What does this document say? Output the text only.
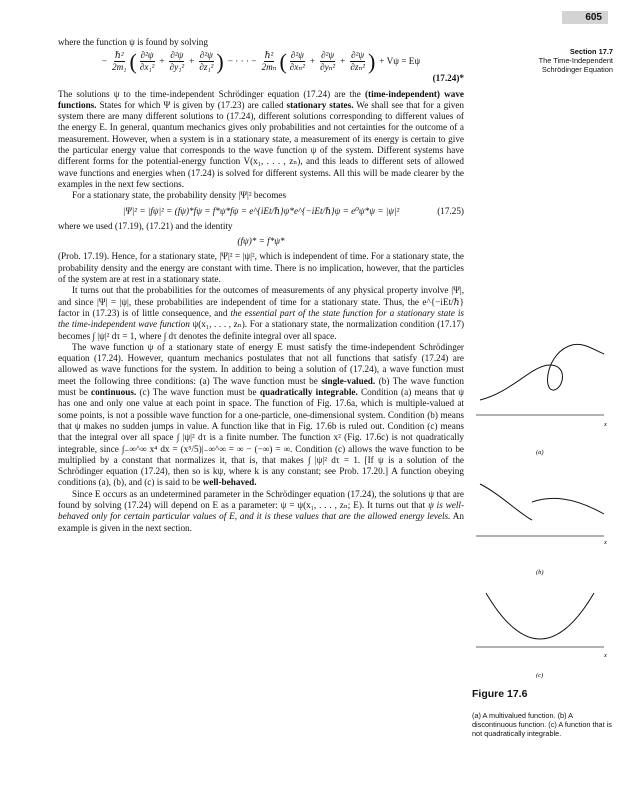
605
Section 17.7
The Time-Independent
Schrödinger Equation

where the function ψ is found by solving

− $\frac{\text{ℏ²}}{\text{2m₁}}$ ( $\frac{\text{∂²ψ}}{\text{∂x₁²}} + \frac{\text{∂²ψ}}{\text{∂y₁²}} + \frac{\text{∂²ψ}}{\text{∂z₁²}}$ ) − · · · − $\frac{\text{ℏ²}}{\text{2mₙ}}$ ( $\frac{\text{∂²ψ}}{\text{∂xₙ²}} + \frac{\text{∂²ψ}}{\text{∂yₙ²}} + \frac{\text{∂²ψ}}{\text{∂zₙ²}}$ ) + Vψ = Eψ
(17.24)*

The solutions ψ to the time-independent Schrödinger equation (17.24) are the (time-independent) wave functions. States for which Ψ is given by (17.23) are called stationary states. We shall see that for a given system there are many different solutions to (17.24), different solutions corresponding to different values of the energy E. In general, quantum mechanics gives only probabilities and not certainties for the outcome of a measurement. However, when a system is in a stationary state, a measurement of its energy is certain to give the particular energy value that corresponds to the wave function ψ of the system. Different systems have different forms for the potential-energy function V(x₁, . . . , zₙ), and this leads to different sets of allowed wave functions and energies when (17.24) is solved for different systems. All this will be made clearer by the examples in the next few sections.

For a stationary state, the probability density |Ψ|² becomes

|Ψ|² = |fψ|² = (fψ)*fψ = f*ψ*fψ = e^{iEt/ℏ}ψ*e^{−iEt/ℏ}ψ = e⁰ψ*ψ = |ψ|²	(17.25)

where we used (17.19), (17.21) and the identity

(fψ)* = f*ψ*

(Prob. 17.19). Hence, for a stationary state, |Ψ|² = |ψ|², which is independent of time. For a stationary state, the probability density and the energy are constant with time. There is no implication, however, that the particles of the system are at rest in a stationary state.

It turns out that the probabilities for the outcomes of measurements of any physical property involve |Ψ|, and since |Ψ| = |ψ|, these probabilities are independent of time for a stationary state. Thus, the e^{−iEt/ℏ} factor in (17.23) is of little consequence, and the essential part of the state function for a stationary state is the time-independent wave function ψ(x₁, . . . , zₙ). For a stationary state, the normalization condition (17.17) becomes ∫ |ψ|² dτ = 1, where ∫ dτ denotes the definite integral over all space.

The wave function ψ of a stationary state of energy E must satisfy the time-independent Schrödinger equation (17.24). However, quantum mechanics postulates that not all functions that satisfy (17.24) are allowed as wave functions for the system. In addition to being a solution of (17.24), a wave function must meet the following three conditions: (a) The wave function must be single-valued. (b) The wave function must be continuous. (c) The wave function must be quadratically integrable. Condition (a) means that ψ has one and only one value at each point in space. The function of Fig. 17.6a, which is multiple-valued at some points, is not a possible wave function for a one-particle, one-dimensional system. Condition (b) means that ψ makes no sudden jumps in value. A function like that in Fig. 17.6b is ruled out. Condition (c) means that the integral over all space ∫ |ψ|² dτ is a finite number. The function x² (Fig. 17.6c) is not quadratically integrable, since ∫₋∞^∞ x⁴ dx = (x⁵/5)|₋∞^∞ = ∞ − (−∞) = ∞. Condition (c) allows the wave function to be multiplied by a constant that normalizes it, that is, that makes ∫ |ψ|² dτ = 1. [If ψ is a solution of the Schrödinger equation (17.24), then so is kψ, where k is any constant; see Prob. 17.20.] A function obeying conditions (a), (b), and (c) is said to be well-behaved.

Since E occurs as an undetermined parameter in the Schrödinger equation (17.24), the solutions ψ that are found by solving (17.24) will depend on E as a parameter: ψ = ψ(x₁, . . . , zₙ; E). It turns out that ψ is well-behaved only for certain particular values of E, and it is these values that are the allowed energy levels. An example is given in the next section.

x
(a)
x
(b)
x
(c)
Figure 17.6

(a) A multivalued function. (b) A discontinuous function. (c) A function that is not quadratically integrable.
